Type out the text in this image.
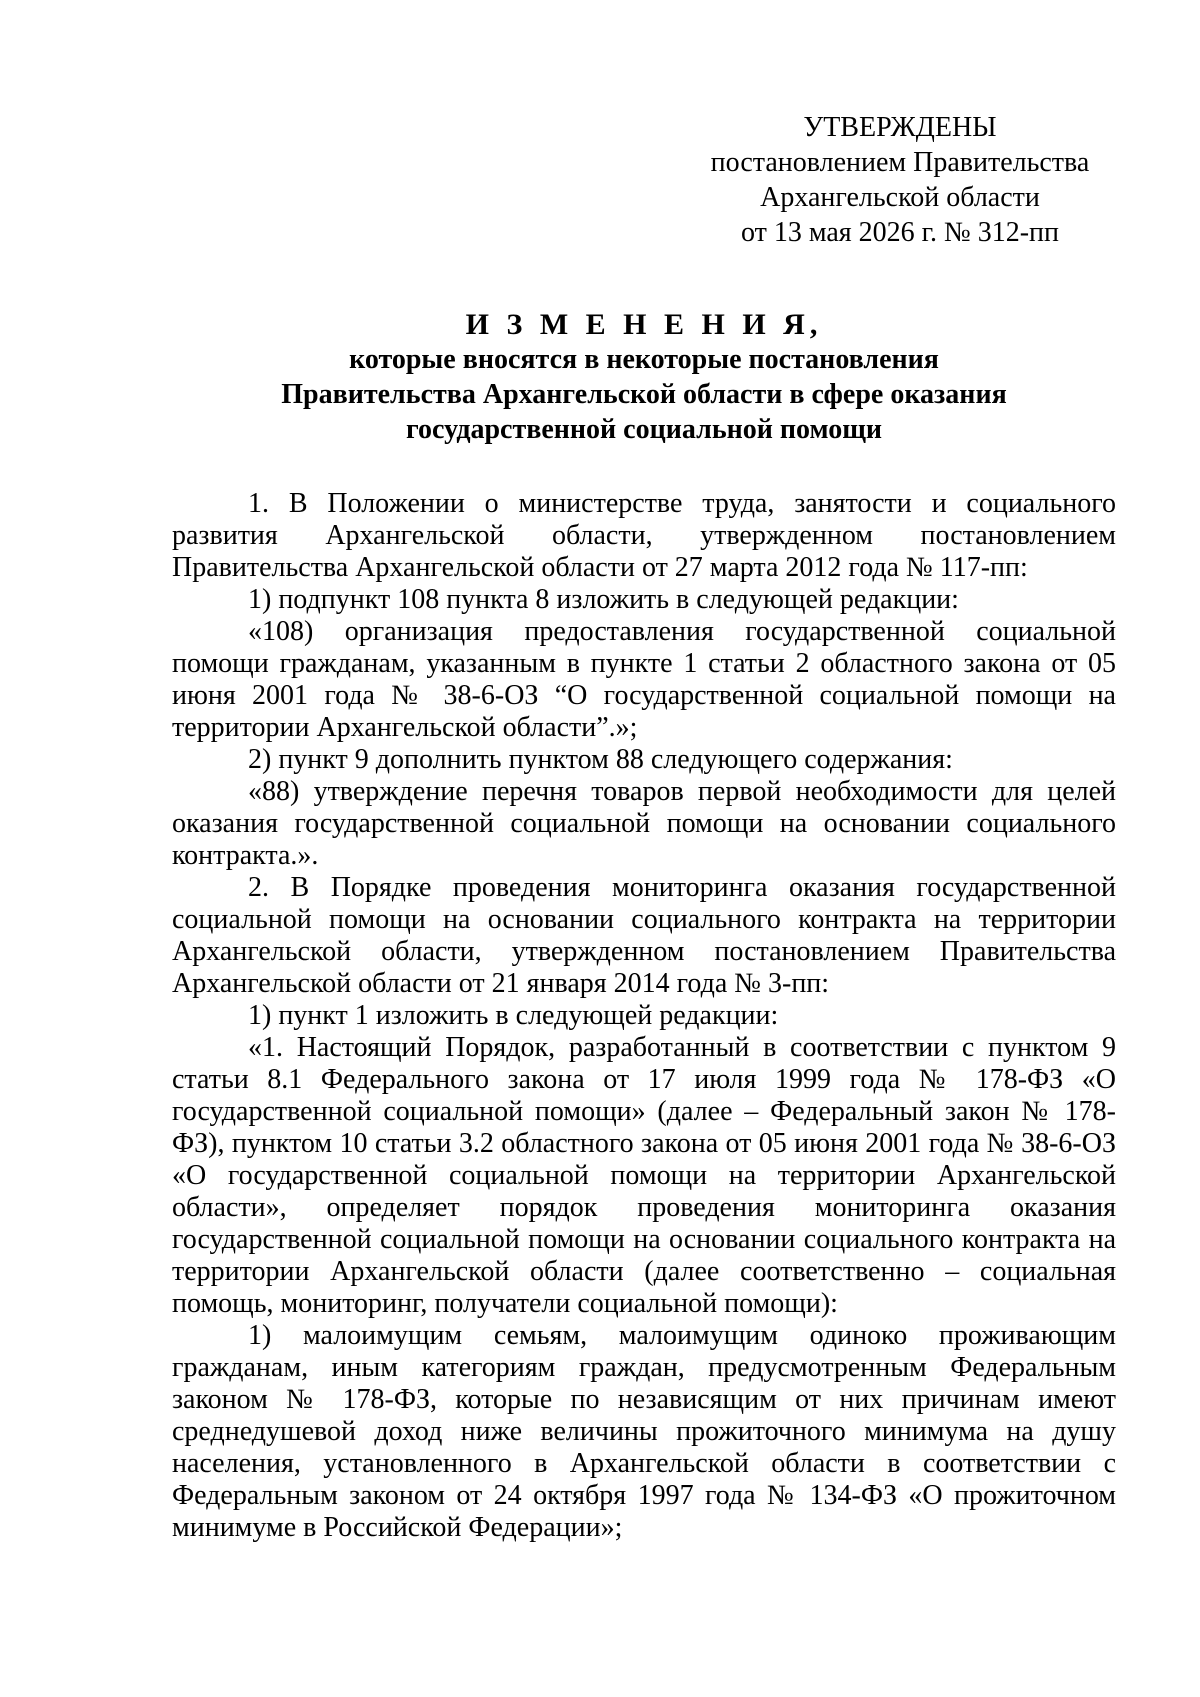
УТВЕРЖДЕНЫ
постановлением Правительства
Архангельской области
от 13 мая 2026 г. № 312-пп
И З М Е Н Е Н И Я,
которые вносятся в некоторые постановления
Правительства Архангельской области в сфере оказания
государственной социальной помощи

1. В Положении о министерстве труда, занятости и социального развития Архангельской области, утвержденном постановлением Правительства Архангельской области от 27 марта 2012 года № 117-пп:

1) подпункт 108 пункта 8 изложить в следующей редакции:

«108) организация предоставления государственной социальной помощи гражданам, указанным в пункте 1 статьи 2 областного закона от 05 июня 2001 года № 38-6-ОЗ “О государственной социальной помощи на территории Архангельской области”.»;

2) пункт 9 дополнить пунктом 88 следующего содержания:

«88) утверждение перечня товаров первой необходимости для целей оказания государственной социальной помощи на основании социального контракта.».

2. В Порядке проведения мониторинга оказания государственной социальной помощи на основании социального контракта на территории Архангельской области, утвержденном постановлением Правительства Архангельской области от 21 января 2014 года № 3-пп:

1) пункт 1 изложить в следующей редакции:

«1. Настоящий Порядок, разработанный в соответствии с пунктом 9 статьи 8.1 Федерального закона от 17 июля 1999 года № 178-ФЗ «О государственной социальной помощи» (далее – Федеральный закон № 178-ФЗ), пунктом 10 статьи 3.2 областного закона от 05 июня 2001 года № 38-6-ОЗ «О государственной социальной помощи на территории Архангельской области», определяет порядок проведения мониторинга оказания государственной социальной помощи на основании социального контракта на территории Архангельской области (далее соответственно – социальная помощь, мониторинг, получатели социальной помощи):

1) малоимущим семьям, малоимущим одиноко проживающим гражданам, иным категориям граждан, предусмотренным Федеральным законом № 178-ФЗ, которые по независящим от них причинам имеют среднедушевой доход ниже величины прожиточного минимума на душу населения, установленного в Архангельской области в соответствии с Федеральным законом от 24 октября 1997 года № 134-ФЗ «О прожиточном минимуме в Российской Федерации»;
